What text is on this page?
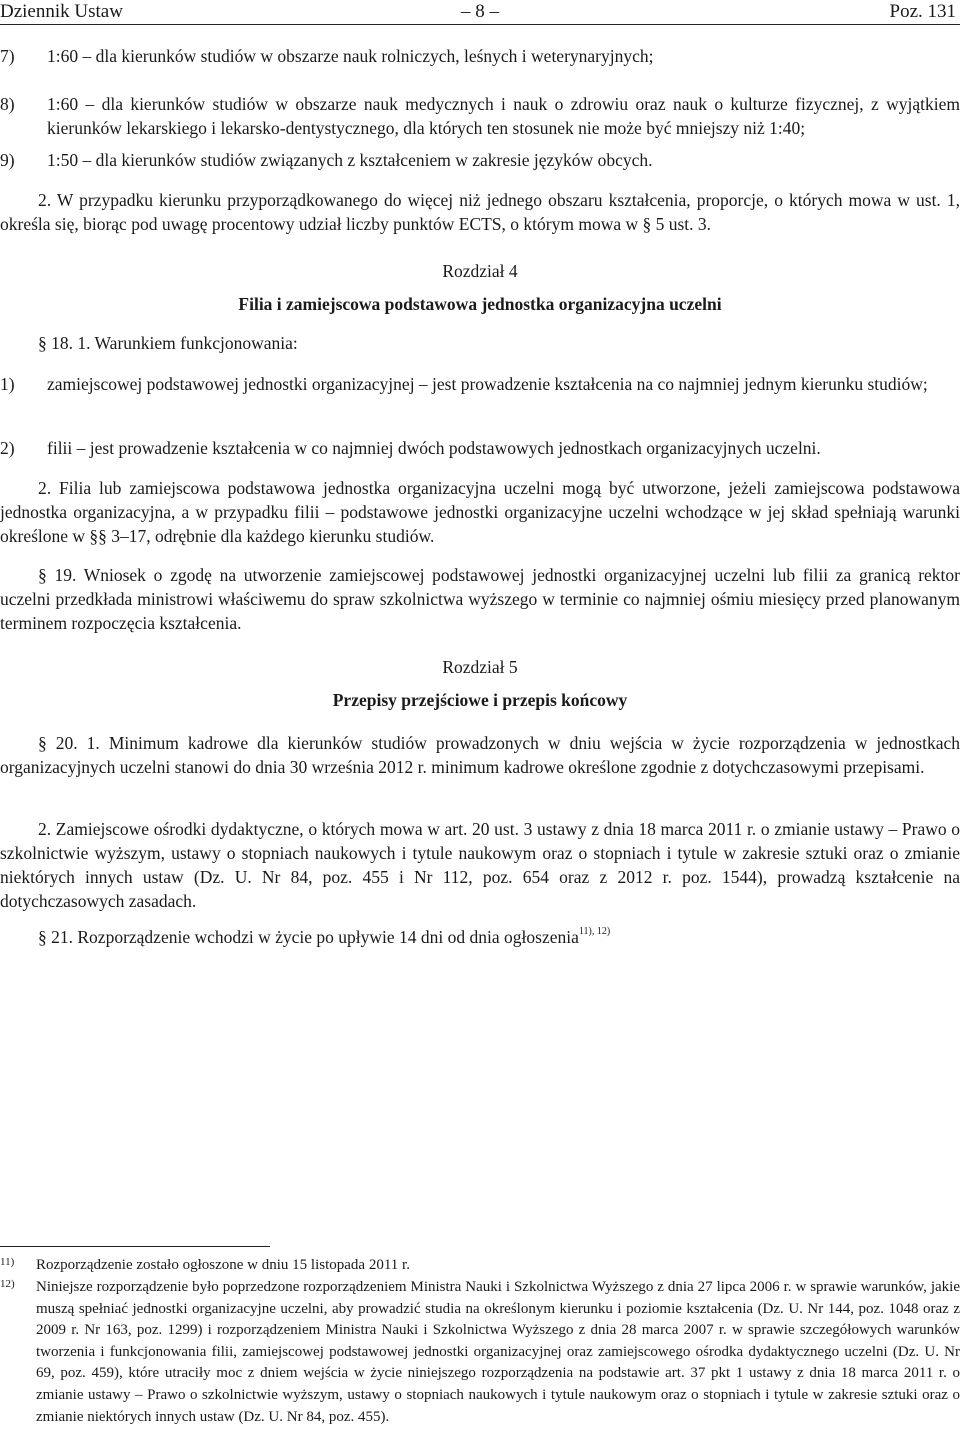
Dziennik Ustaw	– 8 –	Poz. 131
7) 1:60 – dla kierunków studiów w obszarze nauk rolniczych, leśnych i weterynaryjnych;
8) 1:60 – dla kierunków studiów w obszarze nauk medycznych i nauk o zdrowiu oraz nauk o kulturze fizycznej, z wyjątkiem kierunków lekarskiego i lekarsko-dentystycznego, dla których ten stosunek nie może być mniejszy niż 1:40;
9) 1:50 – dla kierunków studiów związanych z kształceniem w zakresie języków obcych.
2. W przypadku kierunku przyporządkowanego do więcej niż jednego obszaru kształcenia, proporcje, o których mowa w ust. 1, określa się, biorąc pod uwagę procentowy udział liczby punktów ECTS, o którym mowa w § 5 ust. 3.
Rozdział 4
Filia i zamiejscowa podstawowa jednostka organizacyjna uczelni
§ 18. 1. Warunkiem funkcjonowania:
1) zamiejscowej podstawowej jednostki organizacyjnej – jest prowadzenie kształcenia na co najmniej jednym kierunku studiów;
2) filii – jest prowadzenie kształcenia w co najmniej dwóch podstawowych jednostkach organizacyjnych uczelni.
2. Filia lub zamiejscowa podstawowa jednostka organizacyjna uczelni mogą być utworzone, jeżeli zamiejscowa podstawowa jednostka organizacyjna, a w przypadku filii – podstawowe jednostki organizacyjne uczelni wchodzące w jej skład spełniają warunki określone w §§ 3–17, odrębnie dla każdego kierunku studiów.
§ 19. Wniosek o zgodę na utworzenie zamiejscowej podstawowej jednostki organizacyjnej uczelni lub filii za granicą rektor uczelni przedkłada ministrowi właściwemu do spraw szkolnictwa wyższego w terminie co najmniej ośmiu miesięcy przed planowanym terminem rozpoczęcia kształcenia.
Rozdział 5
Przepisy przejściowe i przepis końcowy
§ 20. 1. Minimum kadrowe dla kierunków studiów prowadzonych w dniu wejścia w życie rozporządzenia w jednostkach organizacyjnych uczelni stanowi do dnia 30 września 2012 r. minimum kadrowe określone zgodnie z dotychczasowymi przepisami.
2. Zamiejscowe ośrodki dydaktyczne, o których mowa w art. 20 ust. 3 ustawy z dnia 18 marca 2011 r. o zmianie ustawy – Prawo o szkolnictwie wyższym, ustawy o stopniach naukowych i tytule naukowym oraz o stopniach i tytule w zakresie sztuki oraz o zmianie niektórych innych ustaw (Dz. U. Nr 84, poz. 455 i Nr 112, poz. 654 oraz z 2012 r. poz. 1544), prowadzą kształcenie na dotychczasowych zasadach.
§ 21. Rozporządzenie wchodzi w życie po upływie 14 dni od dnia ogłoszenia$^{11), 12)}$
11) Rozporządzenie zostało ogłoszone w dniu 15 listopada 2011 r.
12) Niniejsze rozporządzenie było poprzedzone rozporządzeniem Ministra Nauki i Szkolnictwa Wyższego z dnia 27 lipca 2006 r. w sprawie warunków, jakie muszą spełniać jednostki organizacyjne uczelni, aby prowadzić studia na określonym kierunku i poziomie kształcenia (Dz. U. Nr 144, poz. 1048 oraz z 2009 r. Nr 163, poz. 1299) i rozporządzeniem Ministra Nauki i Szkolnictwa Wyższego z dnia 28 marca 2007 r. w sprawie szczegółowych warunków tworzenia i funkcjonowania filii, zamiejscowej podstawowej jednostki organizacyjnej oraz zamiejscowego ośrodka dydaktycznego uczelni (Dz. U. Nr 69, poz. 459), które utraciły moc z dniem wejścia w życie niniejszego rozporządzenia na podstawie art. 37 pkt 1 ustawy z dnia 18 marca 2011 r. o zmianie ustawy – Prawo o szkolnictwie wyższym, ustawy o stopniach naukowych i tytule naukowym oraz o stopniach i tytule w zakresie sztuki oraz o zmianie niektórych innych ustaw (Dz. U. Nr 84, poz. 455).
